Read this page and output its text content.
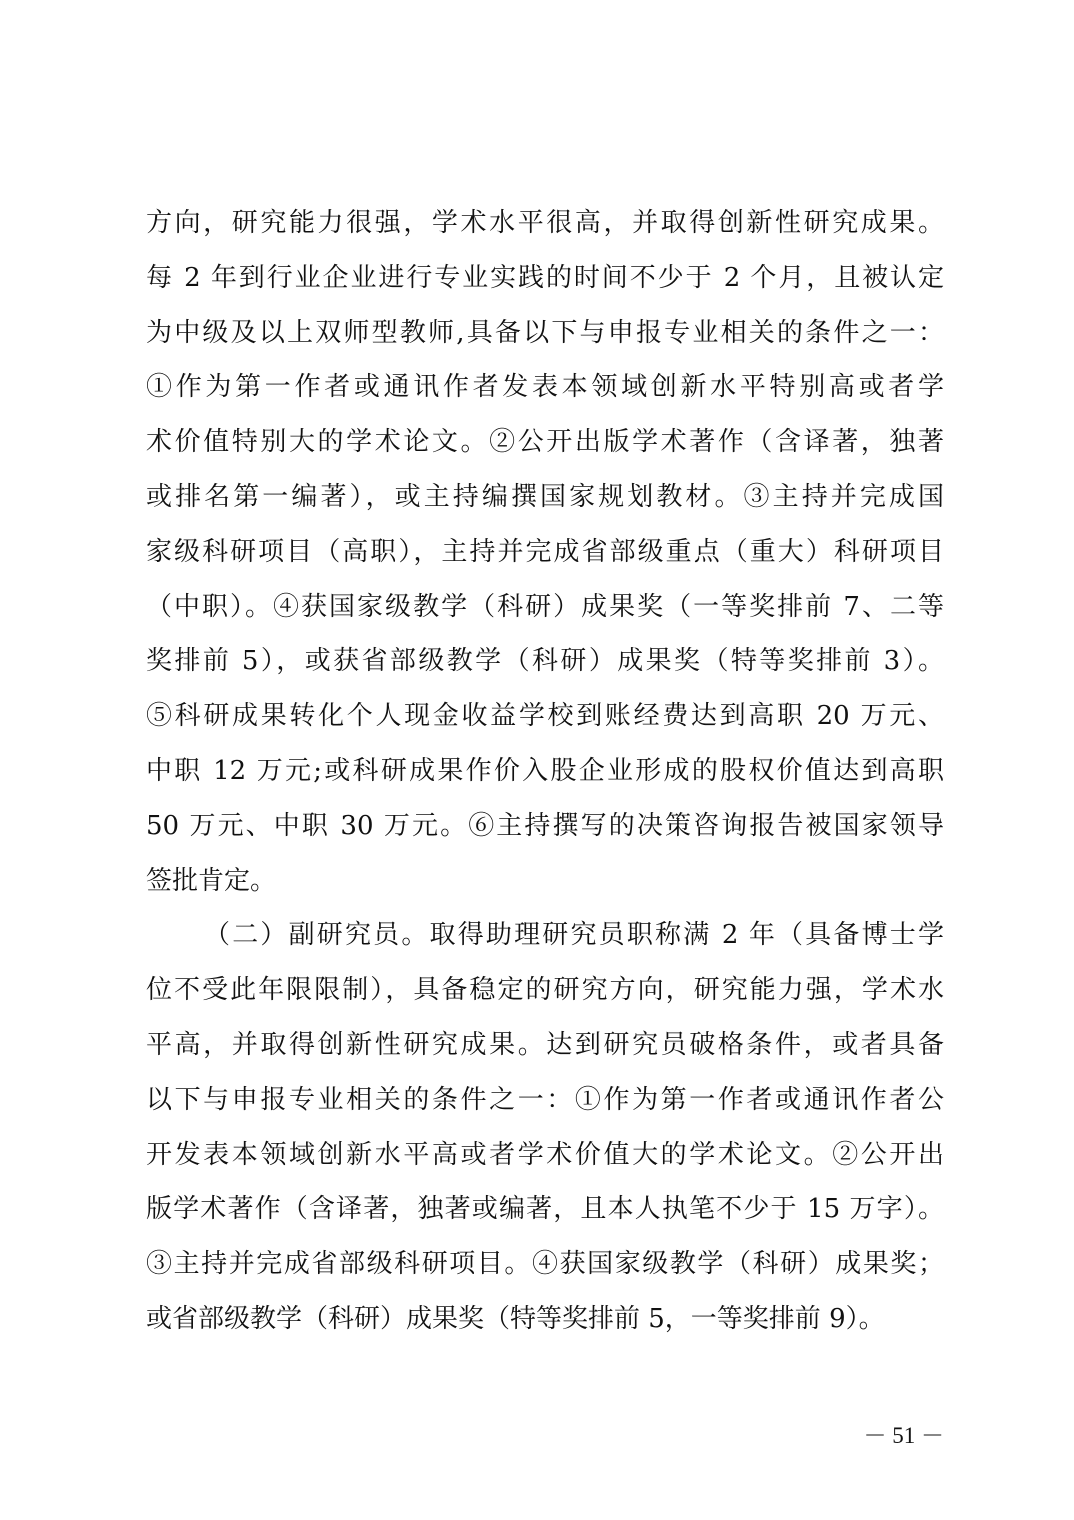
方向，研究能力很强，学术水平很高，并取得创新性研究成果。
每 2 年到行业企业进行专业实践的时间不少于 2 个月，且被认定
为中级及以上双师型教师,具备以下与申报专业相关的条件之一：
①作为第一作者或通讯作者发表本领域创新水平特别高或者学
术价值特别大的学术论文。②公开出版学术著作（含译著，独著
或排名第一编著），或主持编撰国家规划教材。③主持并完成国
家级科研项目（高职），主持并完成省部级重点（重大）科研项目
（中职）。④获国家级教学（科研）成果奖（一等奖排前 7、二等
奖排前 5），或获省部级教学（科研）成果奖（特等奖排前 3）。
⑤科研成果转化个人现金收益学校到账经费达到高职 20 万元、
中职 12 万元;或科研成果作价入股企业形成的股权价值达到高职
50 万元、中职 30 万元。⑥主持撰写的决策咨询报告被国家领导
签批肯定。
（二）副研究员。取得助理研究员职称满 2 年（具备博士学
位不受此年限限制），具备稳定的研究方向，研究能力强，学术水
平高，并取得创新性研究成果。达到研究员破格条件，或者具备
以下与申报专业相关的条件之一：①作为第一作者或通讯作者公
开发表本领域创新水平高或者学术价值大的学术论文。②公开出
版学术著作（含译著，独著或编著，且本人执笔不少于 15 万字）。
③主持并完成省部级科研项目。④获国家级教学（科研）成果奖；
或省部级教学（科研）成果奖（特等奖排前 5，一等奖排前 9）。
－ 51 －
